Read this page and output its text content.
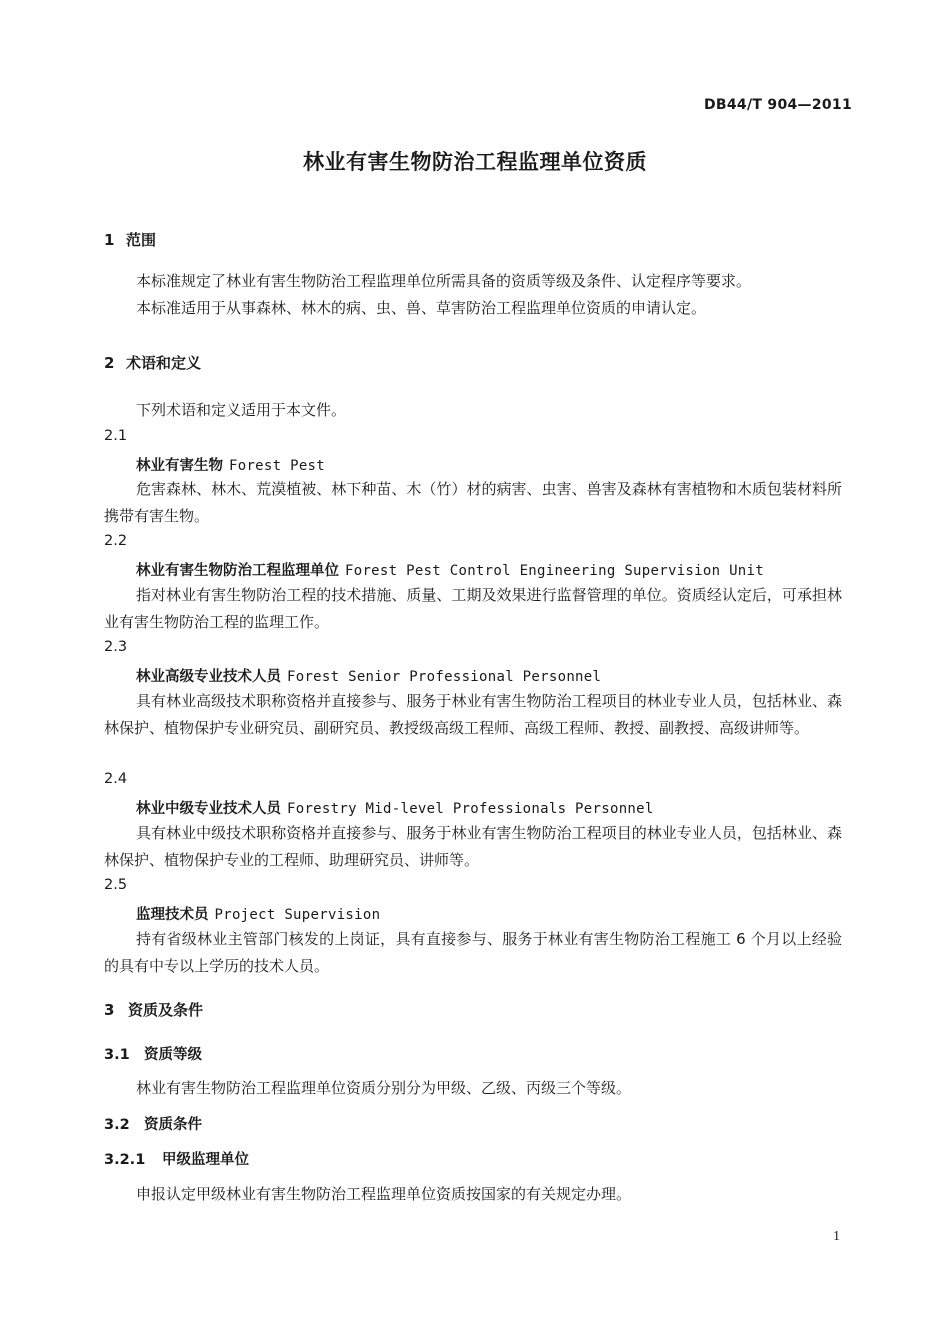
DB44/T 904—2011
林业有害生物防治工程监理单位资质
1 范围
本标准规定了林业有害生物防治工程监理单位所需具备的资质等级及条件、认定程序等要求。
本标准适用于从事森林、林木的病、虫、兽、草害防治工程监理单位资质的申请认定。
2 术语和定义
下列术语和定义适用于本文件。
2.1
林业有害生物 Forest Pest
危害森林、林木、荒漠植被、林下种苗、木（竹）材的病害、虫害、兽害及森林有害植物和木质包装材料所携带有害生物。
2.2
林业有害生物防治工程监理单位 Forest Pest Control Engineering Supervision Unit
指对林业有害生物防治工程的技术措施、质量、工期及效果进行监督管理的单位。资质经认定后，可承担林业有害生物防治工程的监理工作。
2.3
林业高级专业技术人员 Forest Senior Professional Personnel
具有林业高级技术职称资格并直接参与、服务于林业有害生物防治工程项目的林业专业人员，包括林业、森林保护、植物保护专业研究员、副研究员、教授级高级工程师、高级工程师、教授、副教授、高级讲师等。
2.4
林业中级专业技术人员 Forestry Mid-level Professionals Personnel
具有林业中级技术职称资格并直接参与、服务于林业有害生物防治工程项目的林业专业人员，包括林业、森林保护、植物保护专业的工程师、助理研究员、讲师等。
2.5
监理技术员 Project Supervision
持有省级林业主管部门核发的上岗证，具有直接参与、服务于林业有害生物防治工程施工 6 个月以上经验的具有中专以上学历的技术人员。
3 资质及条件
3.1 资质等级
林业有害生物防治工程监理单位资质分别分为甲级、乙级、丙级三个等级。
3.2 资质条件
3.2.1 甲级监理单位
申报认定甲级林业有害生物防治工程监理单位资质按国家的有关规定办理。
1
